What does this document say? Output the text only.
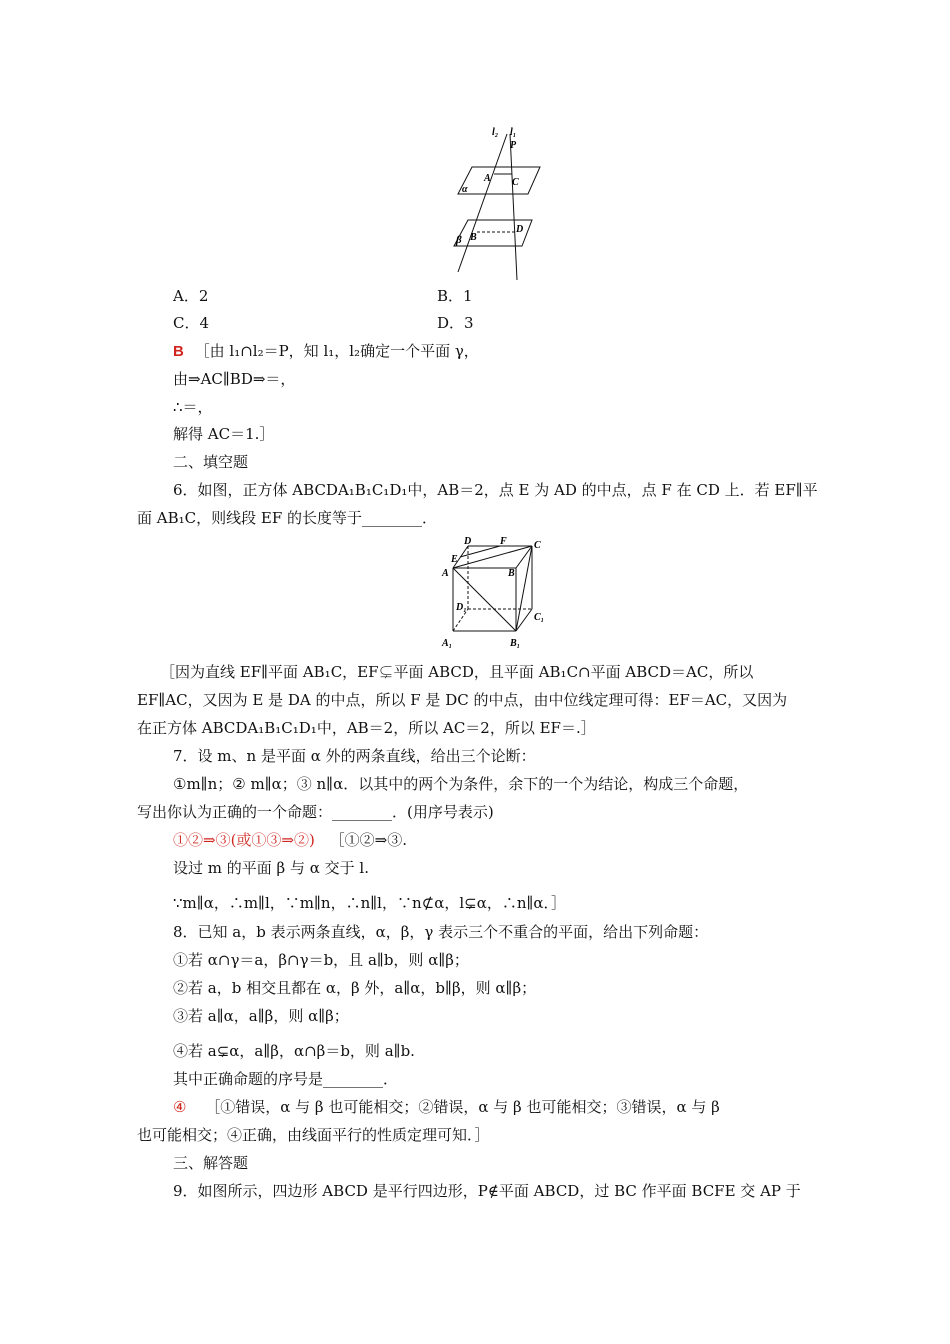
l₂ l₁
P
A C
α
β B
D
A．2	B．1
C．4	D．3
B ［由 l₁∩l₂＝P，知 l₁，l₂确定一个平面 γ，
由⇒AC∥BD⇒＝，
∴＝，
解得 AC＝1.］
二、填空题
6．如图，正方体 ABCDA₁B₁C₁D₁中，AB＝2，点 E 为 AD 的中点，点 F 在 CD 上．若 EF∥平
面 AB₁C，则线段 EF 的长度等于________．
D	F	C
E
A	B
D₁
C₁
A₁	B₁
［因为直线 EF∥平面 AB₁C，EF⊊平面 ABCD，且平面 AB₁C∩平面 ABCD＝AC，所以
EF∥AC，又因为 E 是 DA 的中点，所以 F 是 DC 的中点，由中位线定理可得：EF＝AC，又因为
在正方体 ABCDA₁B₁C₁D₁中，AB＝2，所以 AC＝2，所以 EF＝.］
7．设 m、n 是平面 α 外的两条直线，给出三个论断：
①m∥n；② m∥α；③ n∥α．以其中的两个为条件，余下的一个为结论，构成三个命题，
写出你认为正确的一个命题：________．(用序号表示)
①②⇒③(或①③⇒②) ［①②⇒③.
设过 m 的平面 β 与 α 交于 l.
∵m∥α，∴m∥l，∵m∥n，∴n∥l，∵n⊄α，l⊊α，∴n∥α．］
8．已知 a，b 表示两条直线，α，β，γ 表示三个不重合的平面，给出下列命题：
①若 α∩γ＝a，β∩γ＝b，且 a∥b，则 α∥β；
②若 a，b 相交且都在 α，β 外，a∥α，b∥β，则 α∥β；
③若 a∥α，a∥β，则 α∥β；
④若 a⊊α，a∥β，α∩β＝b，则 a∥b.
其中正确命题的序号是________．
④ ［①错误，α 与 β 也可能相交；②错误，α 与 β 也可能相交；③错误，α 与 β
也可能相交；④正确，由线面平行的性质定理可知．］
三、解答题
9．如图所示，四边形 ABCD 是平行四边形，P∉平面 ABCD，过 BC 作平面 BCFE 交 AP 于
